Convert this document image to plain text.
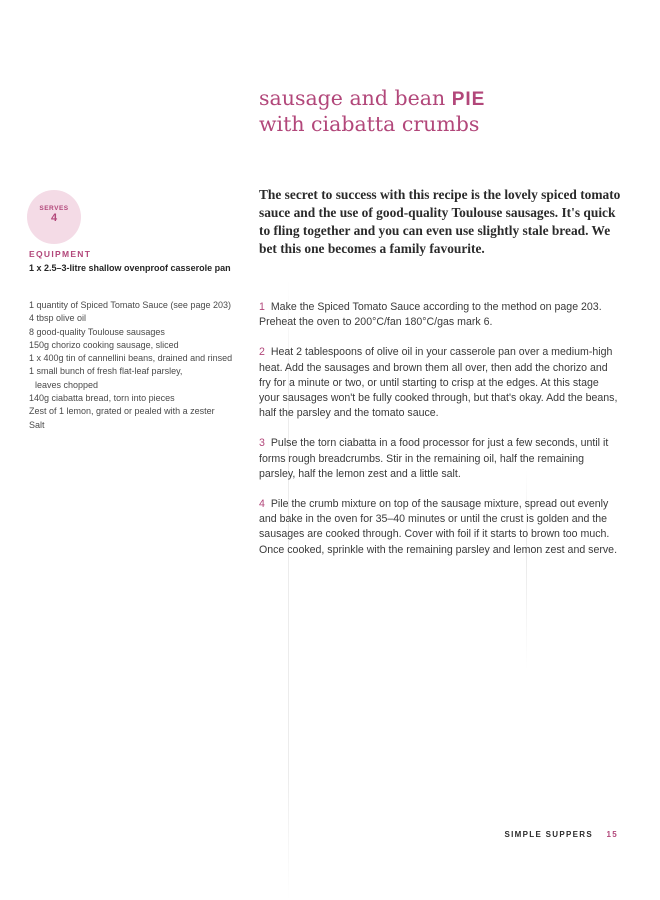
sausage and bean PIE
with ciabatta crumbs

The secret to success with this recipe is the lovely spiced tomato sauce and the use of good-quality Toulouse sausages. It's quick to fling together and you can even use slightly stale bread. We bet this one becomes a family favourite.

SERVES
4
EQUIPMENT
1 x 2.5–3-litre shallow ovenproof casserole pan
1 quantity of Spiced Tomato Sauce (see page 203)
4 tbsp olive oil
8 good-quality Toulouse sausages
150g chorizo cooking sausage, sliced
1 x 400g tin of cannellini beans, drained and rinsed
1 small bunch of fresh flat-leaf parsley,
leaves chopped
140g ciabatta bread, torn into pieces
Zest of 1 lemon, grated or pealed with a zester
Salt

1 Make the Spiced Tomato Sauce according to the method on page 203. Preheat the oven to 200°C/fan 180°C/gas mark 6.

2 Heat 2 tablespoons of olive oil in your casserole pan over a medium-high heat. Add the sausages and brown them all over, then add the chorizo and fry for a minute or two, or until starting to crisp at the edges. At this stage your sausages won't be fully cooked through, but that's okay. Add the beans, half the parsley and the tomato sauce.

3 Pulse the torn ciabatta in a food processor for just a few seconds, until it forms rough breadcrumbs. Stir in the remaining oil, half the remaining parsley, half the lemon zest and a little salt.

4 Pile the crumb mixture on top of the sausage mixture, spread out evenly and bake in the oven for 35–40 minutes or until the crust is golden and the sausages are cooked through. Cover with foil if it starts to brown too much. Once cooked, sprinkle with the remaining parsley and lemon zest and serve.

SIMPLE SUPPERS 15
